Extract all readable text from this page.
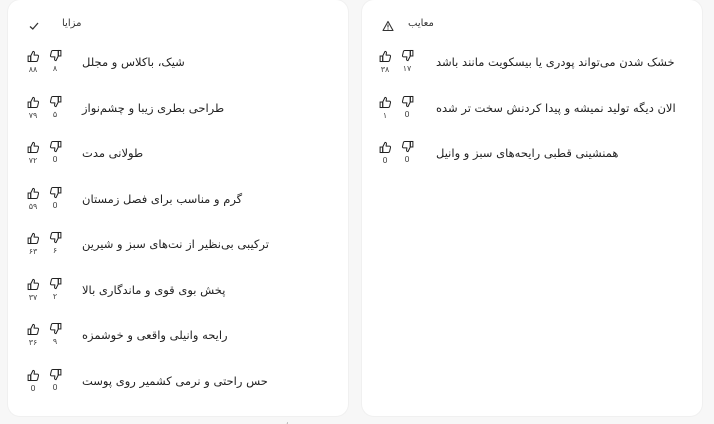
مزایا
۸۸ ۸ شیک، باکلاس و مجلل
۷۹ ۵ طراحی بطری زیبا و چشم‌نواز
۷۲ 0 طولانی مدت
۵۹ 0 گرم و مناسب برای فصل زمستان
۶۳ ۶ ترکیبی بی‌نظیر از نت‌های سبز و شیرین
۳۷ ۲ پخش بوی قوی و ماندگاری بالا
۳۶ ۹ رایحه وانیلی واقعی و خوشمزه
0 0 حس راحتی و نرمی کشمیر روی پوست
معایب
۳۸ ۱۷ خشک شدن می‌تواند پودری یا بیسکویت مانند باشد
۱ 0 الان دیگه تولید نمیشه و پیدا کردنش سخت تر شده
0 0 همنشینی قطبی رایحه‌های سبز و وانیل
٫
